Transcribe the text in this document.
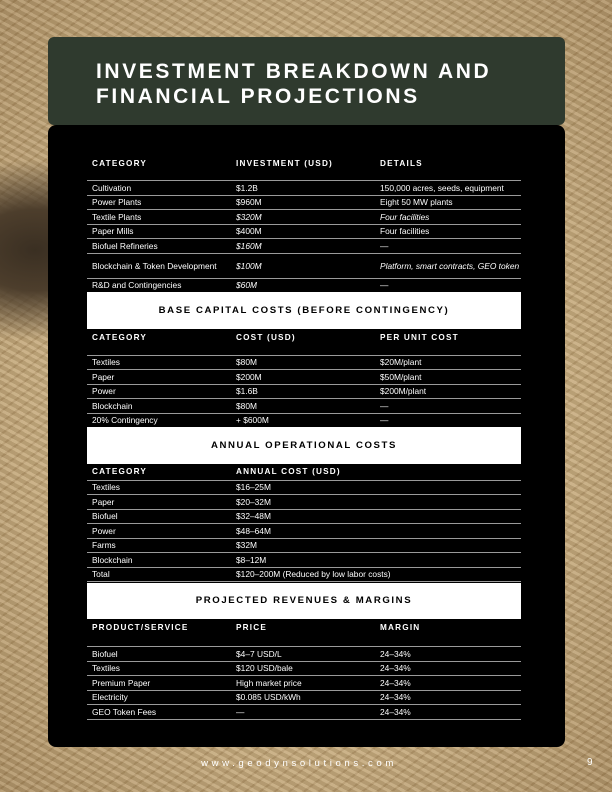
INVESTMENT BREAKDOWN AND FINANCIAL PROJECTIONS
CATEGORY	INVESTMENT (USD)	DETAILS
Cultivation	$1.2B	150,000 acres, seeds, equipment
Power Plants	$960M	Eight 50 MW plants
Textile Plants	$320M	Four facilities
Paper Mills	$400M	Four facilities
Biofuel Refineries	$160M	—
Blockchain & Token Development	$100M	Platform, smart contracts, GEO token
R&D and Contingencies	$60M	—
BASE CAPITAL COSTS (BEFORE CONTINGENCY)
CATEGORY	COST (USD)	PER UNIT COST
Textiles	$80M	$20M/plant
Paper	$200M	$50M/plant
Power	$1.6B	$200M/plant
Blockchain	$80M	—
20% Contingency	+ $600M	—
ANNUAL OPERATIONAL COSTS
CATEGORY	ANNUAL COST (USD)
Textiles	$16–25M
Paper	$20–32M
Biofuel	$32–48M
Power	$48–64M
Farms	$32M
Blockchain	$8–12M
Total	$120–200M (Reduced by low labor costs)
PROJECTED REVENUES & MARGINS
PRODUCT/SERVICE	PRICE	MARGIN
Biofuel	$4–7 USD/L	24–34%
Textiles	$120 USD/bale	24–34%
Premium Paper	High market price	24–34%
Electricity	$0.085 USD/kWh	24–34%
GEO Token Fees	—	24–34%
www.geodynsolutions.com	9
